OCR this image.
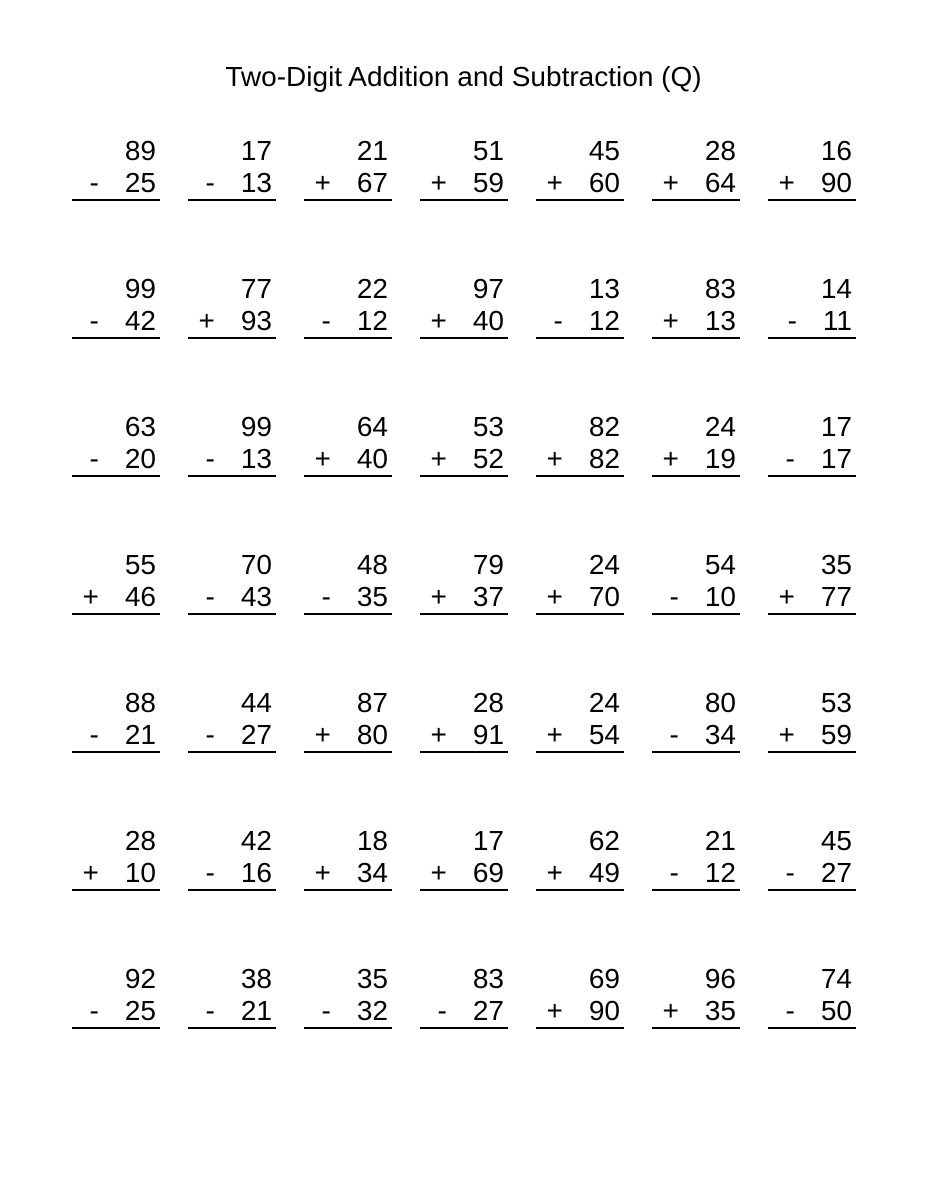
Two-Digit Addition and Subtraction (Q)
89
- 25
17
- 13
21
+ 67
51
+ 59
45
+ 60
28
+ 64
16
+ 90
99
- 42
77
+ 93
22
- 12
97
+ 40
13
- 12
83
+ 13
14
- 11
63
- 20
99
- 13
64
+ 40
53
+ 52
82
+ 82
24
+ 19
17
- 17
55
+ 46
70
- 43
48
- 35
79
+ 37
24
+ 70
54
- 10
35
+ 77
88
- 21
44
- 27
87
+ 80
28
+ 91
24
+ 54
80
- 34
53
+ 59
28
+ 10
42
- 16
18
+ 34
17
+ 69
62
+ 49
21
- 12
45
- 27
92
- 25
38
- 21
35
- 32
83
- 27
69
+ 90
96
+ 35
74
- 50
